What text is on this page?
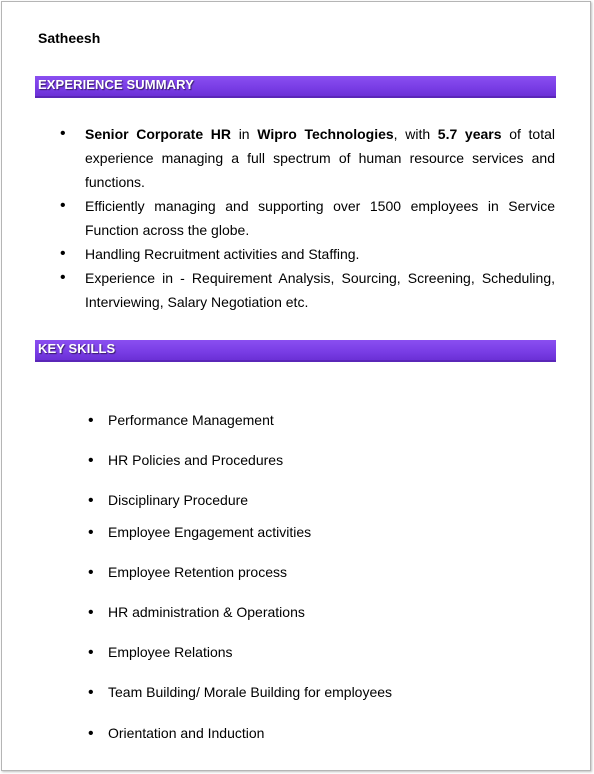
Satheesh
EXPERIENCE SUMMARY
• Senior Corporate HR in Wipro Technologies, with 5.7 years of total experience managing a full spectrum of human resource services and functions.
• Efficiently managing and supporting over 1500 employees in Service Function across the globe.
• Handling Recruitment activities and Staffing.
• Experience in - Requirement Analysis, Sourcing, Screening, Scheduling, Interviewing, Salary Negotiation etc.
KEY SKILLS
• Performance Management
• HR Policies and Procedures
• Disciplinary Procedure
• Employee Engagement activities
• Employee Retention process
• HR administration & Operations
• Employee Relations
• Team Building/ Morale Building for employees
• Orientation and Induction
